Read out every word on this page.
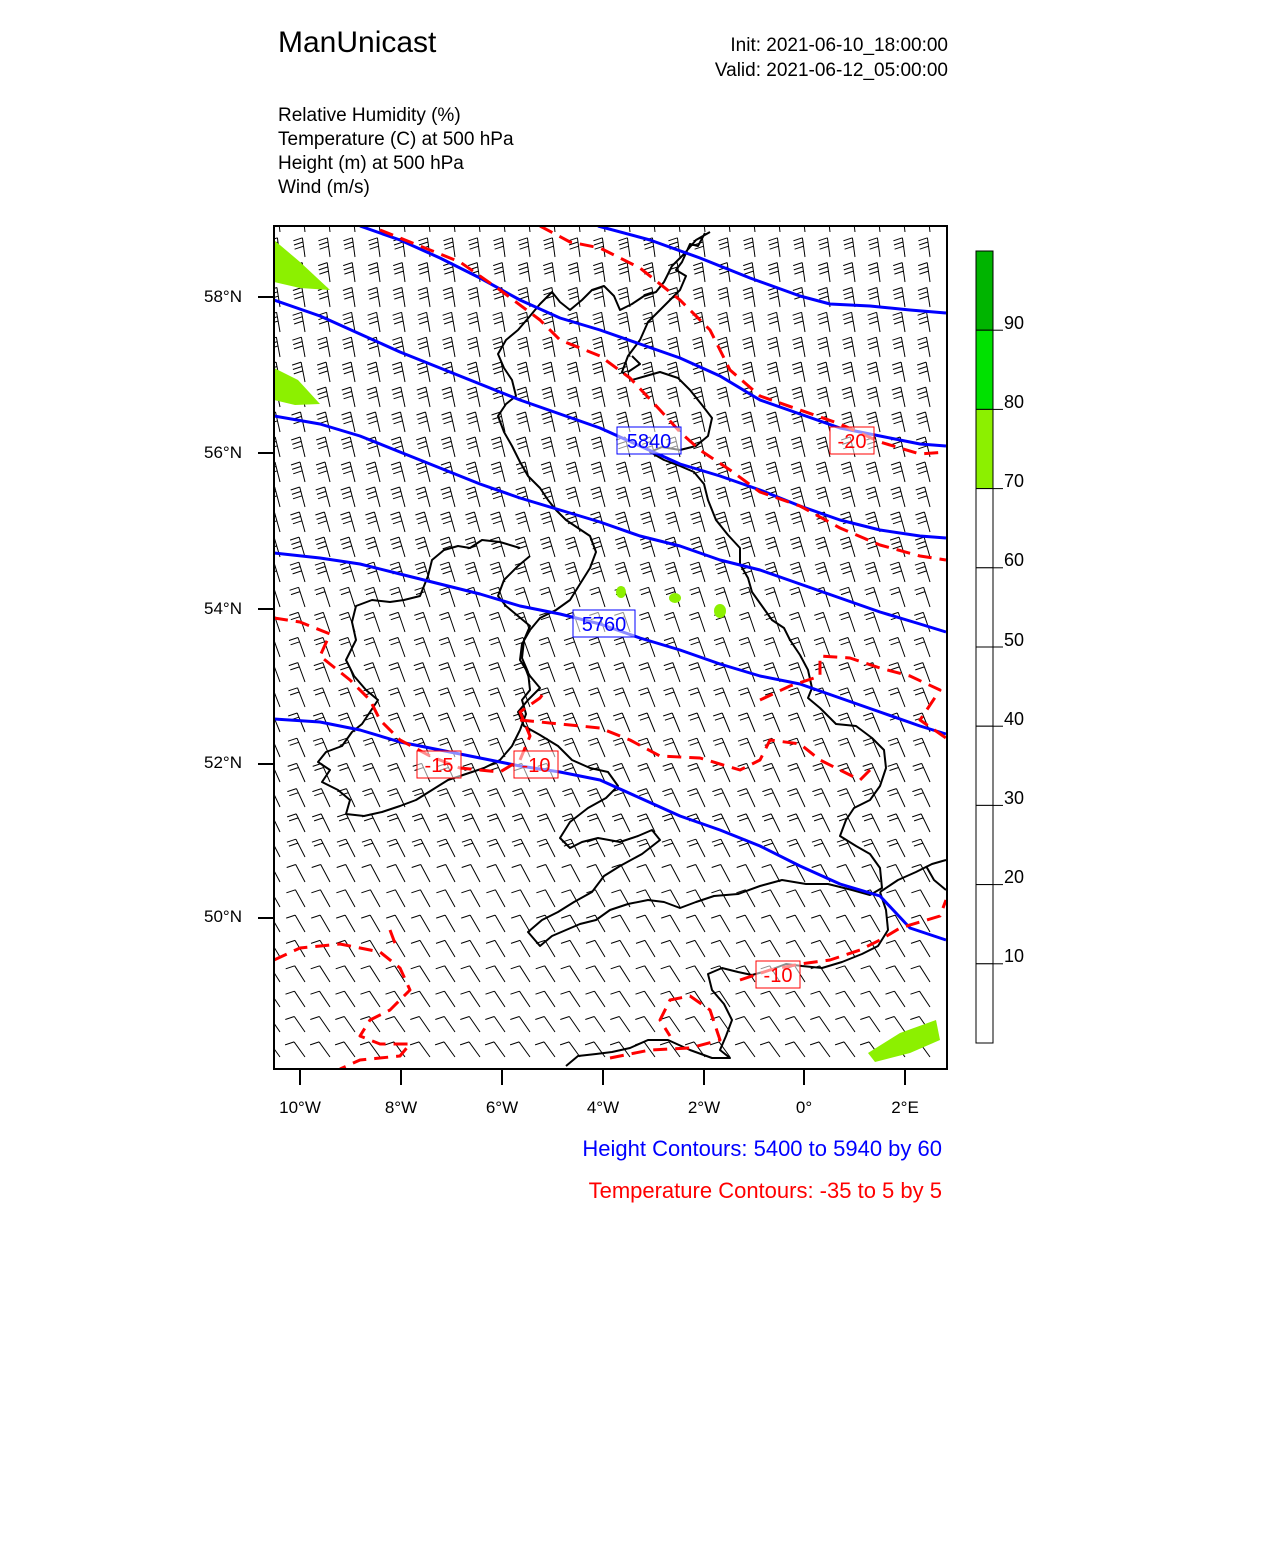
ManUnicast	Init: 2021-06-10_18:00:00
Valid: 2021-06-12_05:00:00
Relative Humidity (%)
Temperature (C) at 500 hPa
Height (m) at 500 hPa
Wind (m/s)
5840
5760
-20
-15	-10
-10
58°N
56°N
54°N
52°N
50°N
10°W	8°W	6°W	4°W	2°W	0°	2°E
90
80
70
60
50
40
30
20
10
Height Contours: 5400 to 5940 by 60
Temperature Contours: -35 to 5 by 5
